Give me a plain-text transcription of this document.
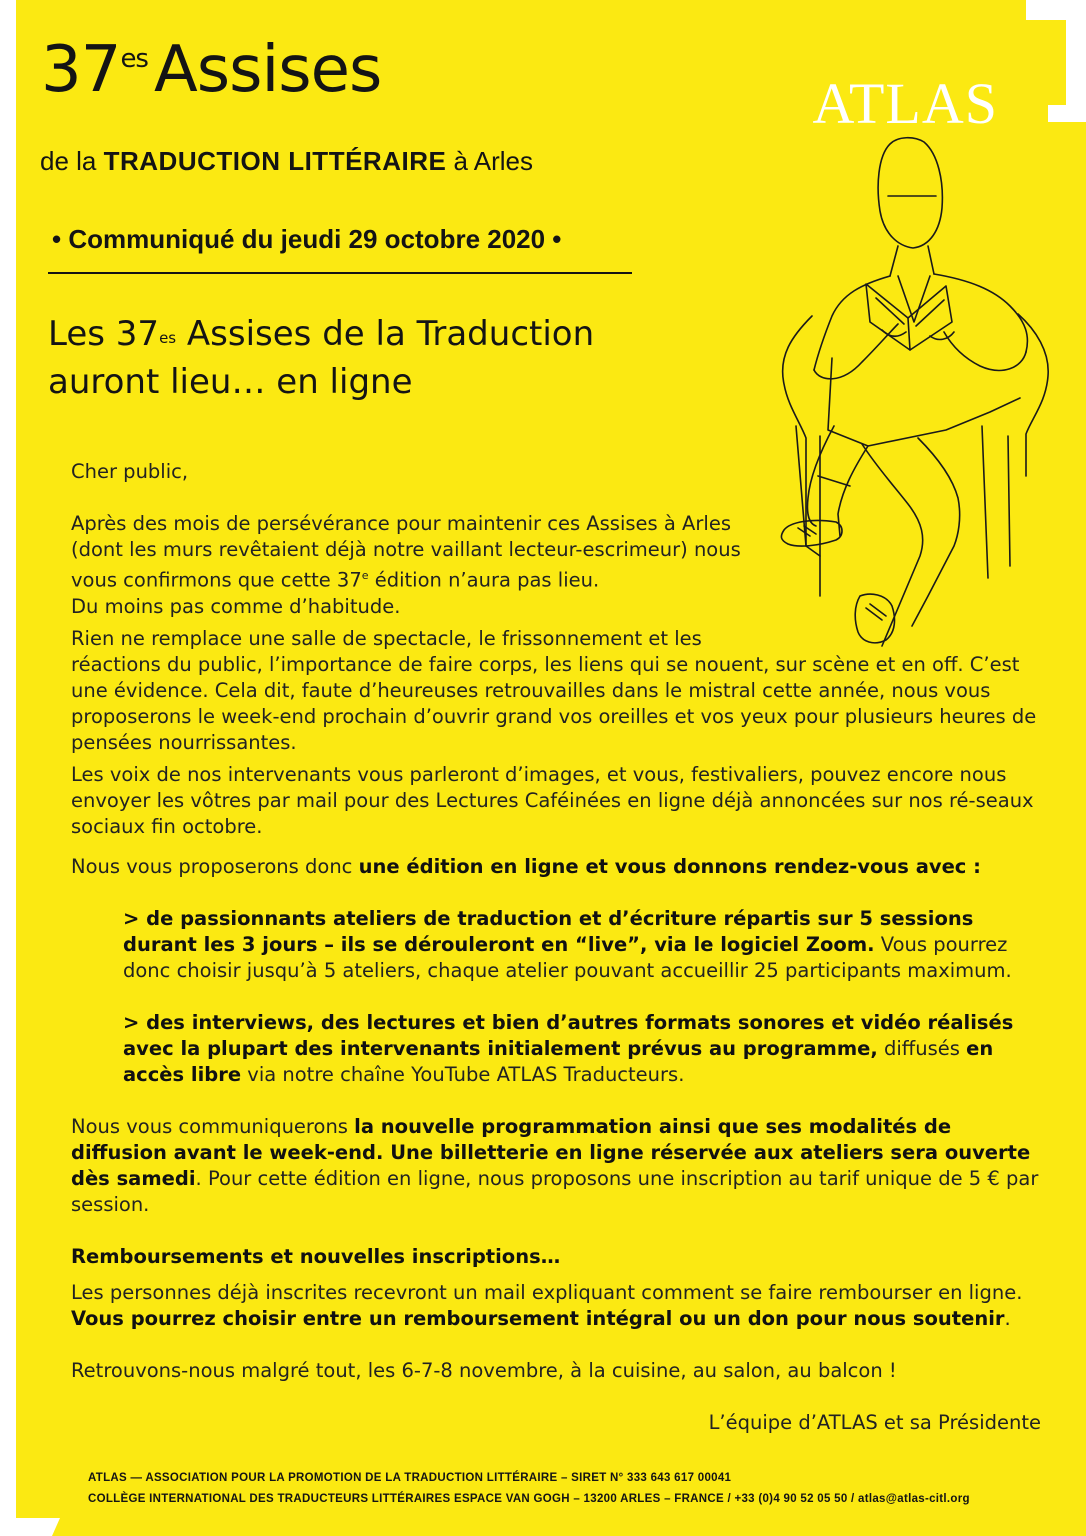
$37^{es}Assises$
de la TRADUCTION LITTÉRAIRE à Arles
ATLAS
• Communiqué du jeudi 29 octobre 2020 •
Les $37^{es}$ Assises de la Traduction
auront lieu… en ligne

Cher public,

Après des mois de persévérance pour maintenir ces Assises à Arles
(dont les murs revêtaient déjà notre vaillant lecteur-escrimeur) nous
vous confirmons que cette 37e édition n’aura pas lieu.
Du moins pas comme d’habitude.

Rien ne remplace une salle de spectacle, le frissonnement et les
réactions du public, l’importance de faire corps, les liens qui se nouent, sur scène et en off. C’est une évidence. Cela dit, faute d’heureuses retrouvailles dans le mistral cette année, nous vous proposerons le week-end prochain d’ouvrir grand vos oreilles et vos yeux pour plusieurs heures de pensées nourrissantes.

Les voix de nos intervenants vous parleront d’images, et vous, festivaliers, pouvez encore nous envoyer les vôtres par mail pour des Lectures Caféinées en ligne déjà annoncées sur nos ré-seaux sociaux fin octobre.

Nous vous proposerons donc une édition en ligne et vous donnons rendez-vous avec :

> de passionnants ateliers de traduction et d’écriture répartis sur 5 sessions durant les 3 jours – ils se dérouleront en “live”, via le logiciel Zoom. Vous pourrez donc choisir jusqu’à 5 ateliers, chaque atelier pouvant accueillir 25 participants maximum.

> des interviews, des lectures et bien d’autres formats sonores et vidéo réalisés avec la plupart des intervenants initialement prévus au programme, diffusés en accès libre via notre chaîne YouTube ATLAS Traducteurs.

Nous vous communiquerons la nouvelle programmation ainsi que ses modalités de diffusion avant le week-end. Une billetterie en ligne réservée aux ateliers sera ouverte dès samedi. Pour cette édition en ligne, nous proposons une inscription au tarif unique de 5 € par session.

Remboursements et nouvelles inscriptions…

Les personnes déjà inscrites recevront un mail expliquant comment se faire rembourser en ligne. Vous pourrez choisir entre un remboursement intégral ou un don pour nous soutenir.

Retrouvons-nous malgré tout, les 6-7-8 novembre, à la cuisine, au salon, au balcon !

L’équipe d’ATLAS et sa Présidente

ATLAS — ASSOCIATION POUR LA PROMOTION DE LA TRADUCTION LITTÉRAIRE – SIRET N° 333 643 617 00041
COLLÈGE INTERNATIONAL DES TRADUCTEURS LITTÉRAIRES ESPACE VAN GOGH – 13200 ARLES – FRANCE / +33 (0)4 90 52 05 50 / atlas@atlas-citl.org
